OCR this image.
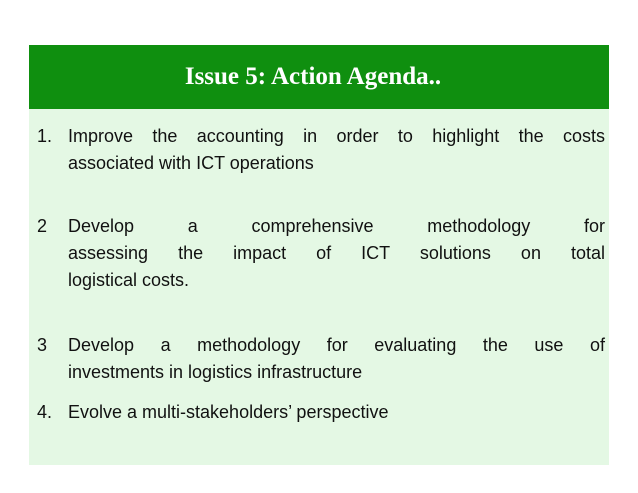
Issue 5: Action Agenda..
1. Improve the accounting in order to highlight the costs
associated with ICT operations
2 Develop a comprehensive methodology for
assessing the impact of ICT solutions on total
logistical costs.
3 Develop a methodology for evaluating the use of
investments in logistics infrastructure
4. Evolve a multi-stakeholders’ perspective
